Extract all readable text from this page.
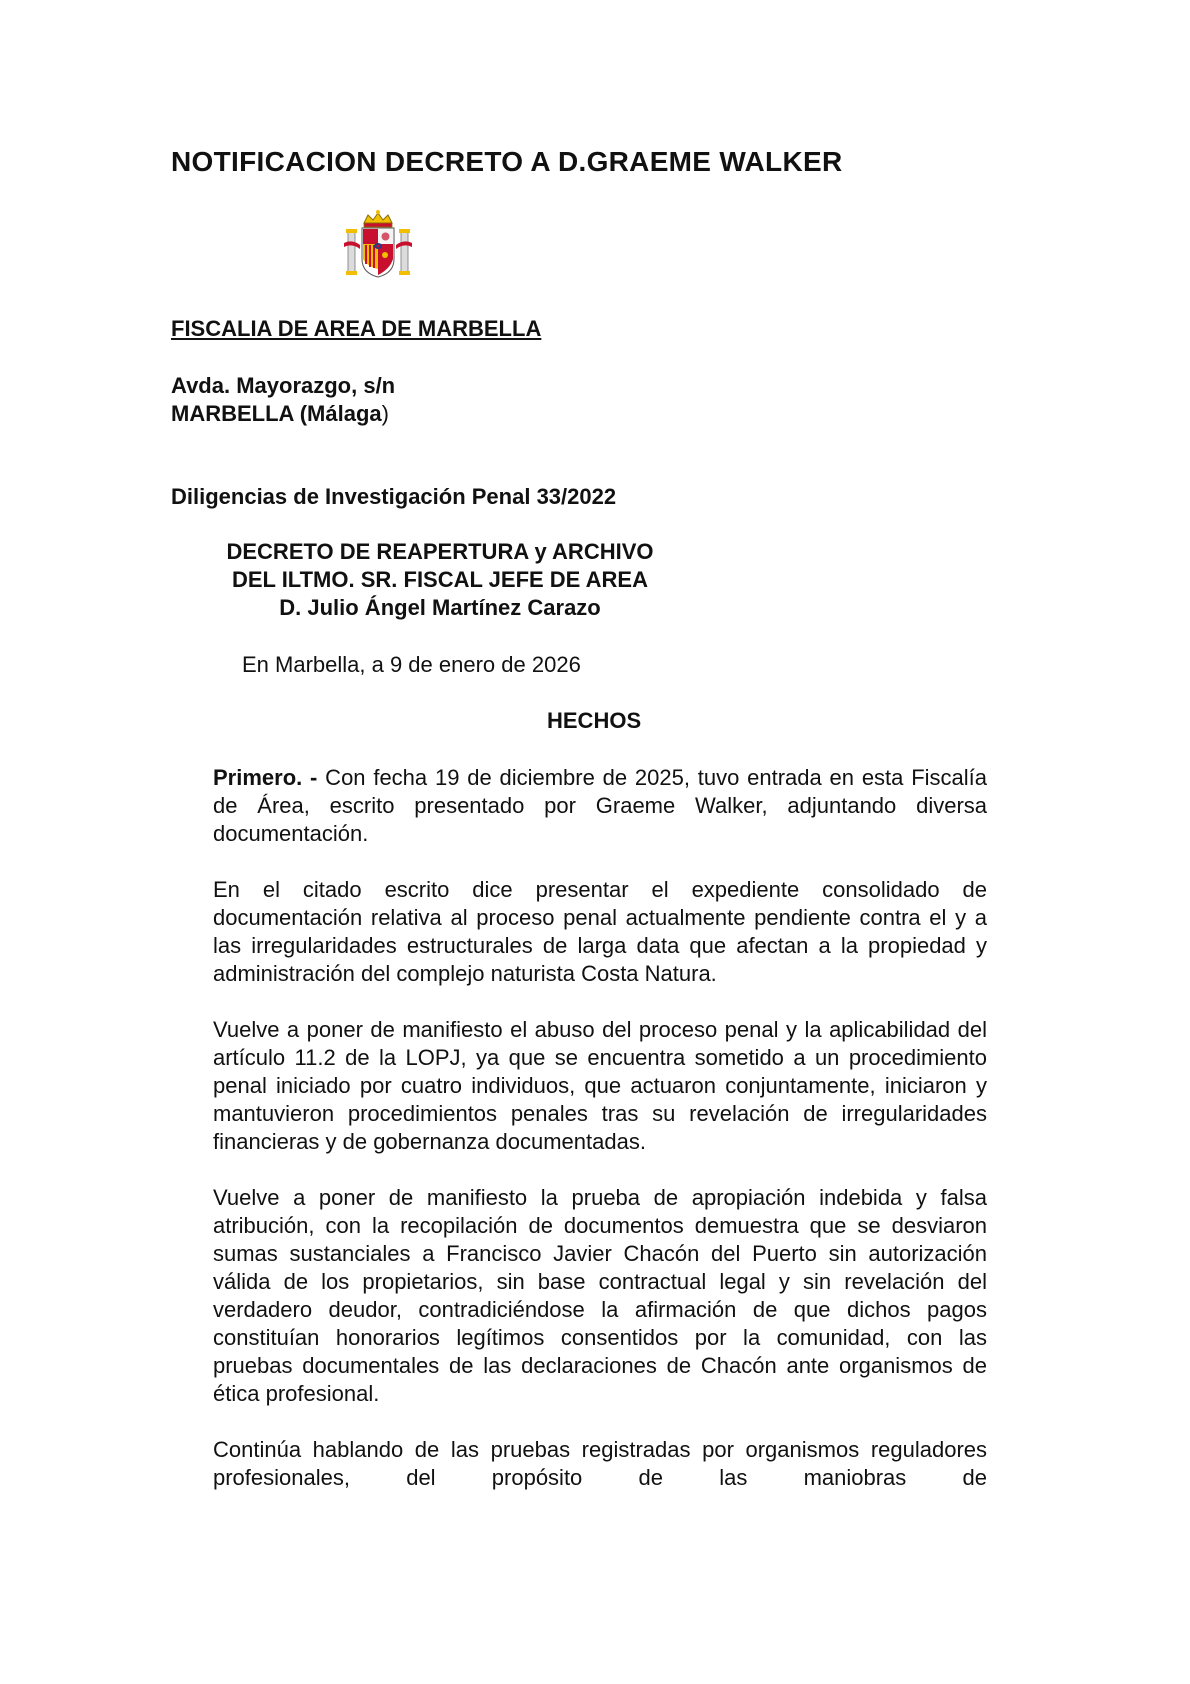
NOTIFICACION DECRETO A D.GRAEME WALKER
FISCALIA DE AREA DE MARBELLA
Avda. Mayorazgo, s/n
MARBELLA (Málaga)
Diligencias de Investigación Penal 33/2022
DECRETO DE REAPERTURA y ARCHIVO
DEL ILTMO. SR. FISCAL JEFE DE AREA
D. Julio Ángel Martínez Carazo
En Marbella, a 9 de enero de 2026
HECHOS

Primero. - Con fecha 19 de diciembre de 2025, tuvo entrada en esta Fiscalía de Área, escrito presentado por Graeme Walker, adjuntando diversa documentación.

En el citado escrito dice presentar el expediente consolidado de documentación relativa al proceso penal actualmente pendiente contra el y a las irregularidades estructurales de larga data que afectan a la propiedad y administración del complejo naturista Costa Natura.

Vuelve a poner de manifiesto el abuso del proceso penal y la aplicabilidad del artículo 11.2 de la LOPJ, ya que se encuentra sometido a un procedimiento penal iniciado por cuatro individuos, que actuaron conjuntamente, iniciaron y mantuvieron procedimientos penales tras su revelación de irregularidades financieras y de gobernanza documentadas.

Vuelve a poner de manifiesto la prueba de apropiación indebida y falsa atribución, con la recopilación de documentos demuestra que se desviaron sumas sustanciales a Francisco Javier Chacón del Puerto sin autorización válida de los propietarios, sin base contractual legal y sin revelación del verdadero deudor, contradiciéndose la afirmación de que dichos pagos constituían honorarios legítimos consentidos por la comunidad, con las pruebas documentales de las declaraciones de Chacón ante organismos de ética profesional.

Continúa hablando de las pruebas registradas por organismos reguladores profesionales, del propósito de las maniobras de
